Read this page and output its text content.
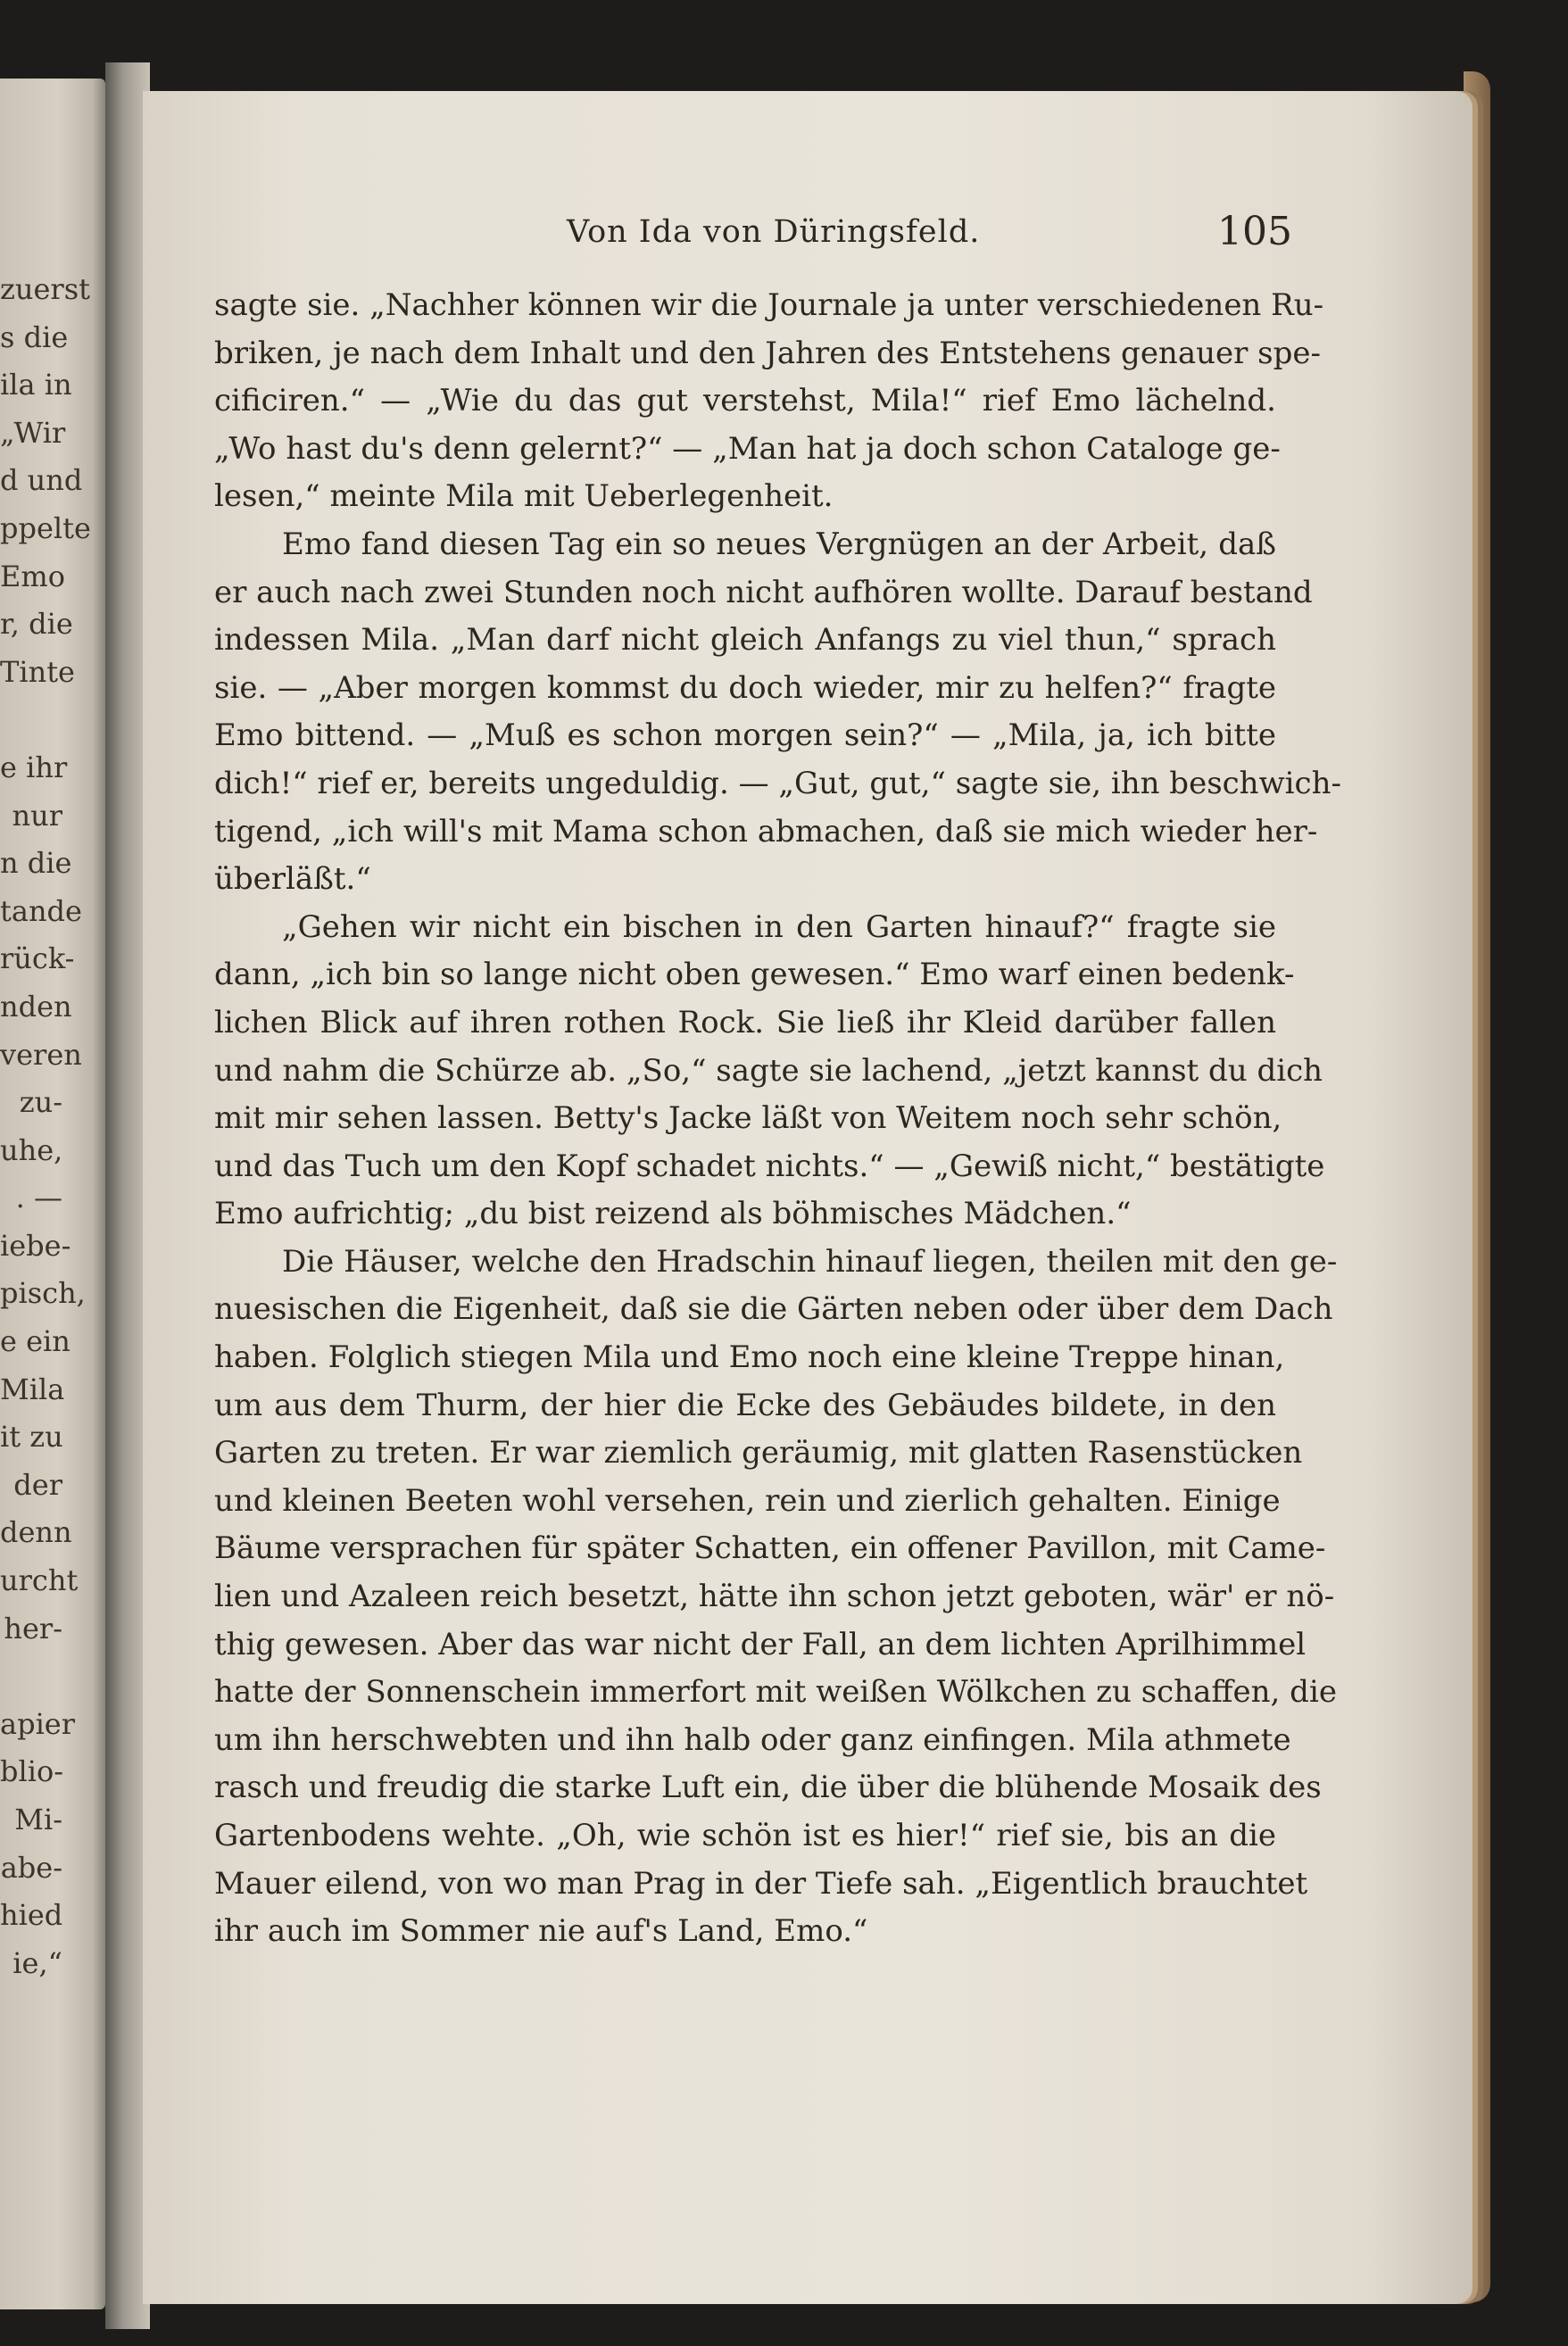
zuerst
s die
ila in
„Wir
d und
ppelte
Emo
r, die
Tinte
e ihr
nur
n die
tande
rück-
nden
veren
zu-
uhe,
. —
iebe-
pisch,
e ein
Mila
it zu
der
denn
urcht
her-
apier
blio-
Mi-
abe-
hied
ie,“
Von Ida von Düringsfeld.	105
sagte sie. „Nachher können wir die Journale ja unter verschiedenen Ru-
briken, je nach dem Inhalt und den Jahren des Entstehens genauer spe-
cificiren.“ — „Wie du das gut verstehst, Mila!“ rief Emo lächelnd.
„Wo hast du's denn gelernt?“ — „Man hat ja doch schon Cataloge ge-
lesen,“ meinte Mila mit Ueberlegenheit.
Emo fand diesen Tag ein so neues Vergnügen an der Arbeit, daß
er auch nach zwei Stunden noch nicht aufhören wollte. Darauf bestand
indessen Mila. „Man darf nicht gleich Anfangs zu viel thun,“ sprach
sie. — „Aber morgen kommst du doch wieder, mir zu helfen?“ fragte
Emo bittend. — „Muß es schon morgen sein?“ — „Mila, ja, ich bitte
dich!“ rief er, bereits ungeduldig. — „Gut, gut,“ sagte sie, ihn beschwich-
tigend, „ich will's mit Mama schon abmachen, daß sie mich wieder her-
überläßt.“
„Gehen wir nicht ein bischen in den Garten hinauf?“ fragte sie
dann, „ich bin so lange nicht oben gewesen.“ Emo warf einen bedenk-
lichen Blick auf ihren rothen Rock. Sie ließ ihr Kleid darüber fallen
und nahm die Schürze ab. „So,“ sagte sie lachend, „jetzt kannst du dich
mit mir sehen lassen. Betty's Jacke läßt von Weitem noch sehr schön,
und das Tuch um den Kopf schadet nichts.“ — „Gewiß nicht,“ bestätigte
Emo aufrichtig; „du bist reizend als böhmisches Mädchen.“
Die Häuser, welche den Hradschin hinauf liegen, theilen mit den ge-
nuesischen die Eigenheit, daß sie die Gärten neben oder über dem Dach
haben. Folglich stiegen Mila und Emo noch eine kleine Treppe hinan,
um aus dem Thurm, der hier die Ecke des Gebäudes bildete, in den
Garten zu treten. Er war ziemlich geräumig, mit glatten Rasenstücken
und kleinen Beeten wohl versehen, rein und zierlich gehalten. Einige
Bäume versprachen für später Schatten, ein offener Pavillon, mit Came-
lien und Azaleen reich besetzt, hätte ihn schon jetzt geboten, wär' er nö-
thig gewesen. Aber das war nicht der Fall, an dem lichten Aprilhimmel
hatte der Sonnenschein immerfort mit weißen Wölkchen zu schaffen, die
um ihn herschwebten und ihn halb oder ganz einfingen. Mila athmete
rasch und freudig die starke Luft ein, die über die blühende Mosaik des
Gartenbodens wehte. „Oh, wie schön ist es hier!“ rief sie, bis an die
Mauer eilend, von wo man Prag in der Tiefe sah. „Eigentlich brauchtet
ihr auch im Sommer nie auf's Land, Emo.“
